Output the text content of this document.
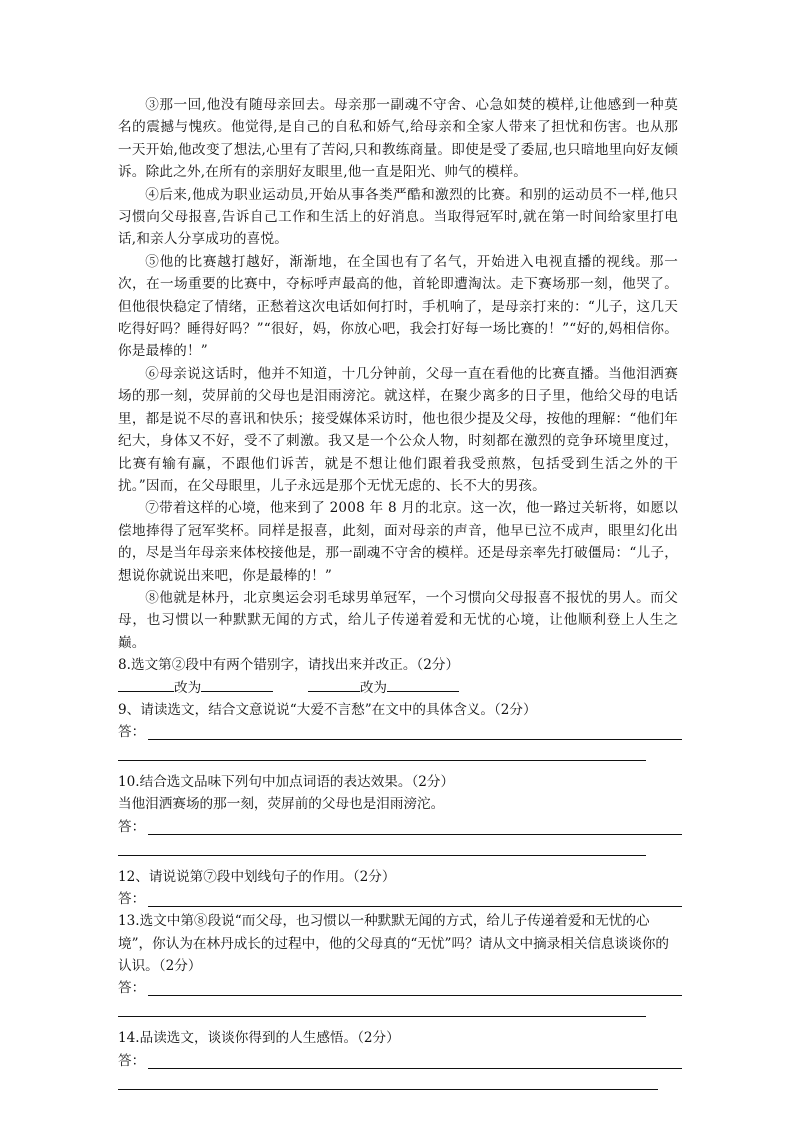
③那一回,他没有随母亲回去。母亲那一副魂不守舍、心急如焚的模样,让他感到一种莫名的震撼与愧疚。他觉得,是自己的自私和娇气,给母亲和全家人带来了担忧和伤害。也从那一天开始,他改变了想法,心里有了苦闷,只和教练商量。即使是受了委屈,也只暗地里向好友倾诉。除此之外,在所有的亲朋好友眼里,他一直是阳光、帅气的模样。

④后来,他成为职业运动员,开始从事各类严酷和激烈的比赛。和别的运动员不一样,他只习惯向父母报喜,告诉自己工作和生活上的好消息。当取得冠军时,就在第一时间给家里打电话,和亲人分享成功的喜悦。

⑤他的比赛越打越好，渐渐地，在全国也有了名气，开始进入电视直播的视线。那一次，在一场重要的比赛中，夺标呼声最高的他，首轮即遭淘汰。走下赛场那一刻，他哭了。但他很快稳定了情绪，正愁着这次电话如何打时，手机响了，是母亲打来的：“儿子，这几天吃得好吗？睡得好吗？”“很好，妈，你放心吧，我会打好每一场比赛的！”“好的,妈相信你。你是最棒的！”

⑥母亲说这话时，他并不知道，十几分钟前，父母一直在看他的比赛直播。当他泪洒赛场的那一刻，荧屏前的父母也是泪雨滂沱。就这样，在聚少离多的日子里，他给父母的电话里，都是说不尽的喜讯和快乐；接受媒体采访时，他也很少提及父母，按他的理解：“他们年纪大，身体又不好，受不了刺激。我又是一个公众人物，时刻都在激烈的竞争环境里度过，比赛有输有赢，不跟他们诉苦，就是不想让他们跟着我受煎熬，包括受到生活之外的干扰。”因而，在父母眼里，儿子永远是那个无忧无虑的、长不大的男孩。

⑦带着这样的心境，他来到了 2008 年 8 月的北京。这一次，他一路过关斩将，如愿以偿地捧得了冠军奖杯。同样是报喜，此刻，面对母亲的声音，他早已泣不成声，眼里幻化出的，尽是当年母亲来体校接他是，那一副魂不守舍的模样。还是母亲率先打破僵局：“儿子，想说你就说出来吧，你是最棒的！”

⑧他就是林丹，北京奥运会羽毛球男单冠军，一个习惯向父母报喜不报忧的男人。而父母，也习惯以一种默默无闻的方式，给儿子传递着爱和无忧的心境，让他顺利登上人生之巅。

8.选文第②段中有两个错别字，请找出来并改正。（2分）

改为	改为

9、请读选文，结合文意说说“大爱不言愁”在文中的具体含义。（2分）

答：

10.结合选文品味下列句中加点词语的表达效果。（2分）

当他泪洒赛场的那一刻，荧屏前的父母也是泪雨滂沱。

答：

12、请说说第⑦段中划线句子的作用。（2分）

答：

13.选文中第⑧段说“而父母，也习惯以一种默默无闻的方式，给儿子传递着爱和无忧的心境”，你认为在林丹成长的过程中，他的父母真的“无忧”吗？请从文中摘录相关信息谈谈你的认识。（2分）

答：

14.品读选文，谈谈你得到的人生感悟。（2分）

答：
